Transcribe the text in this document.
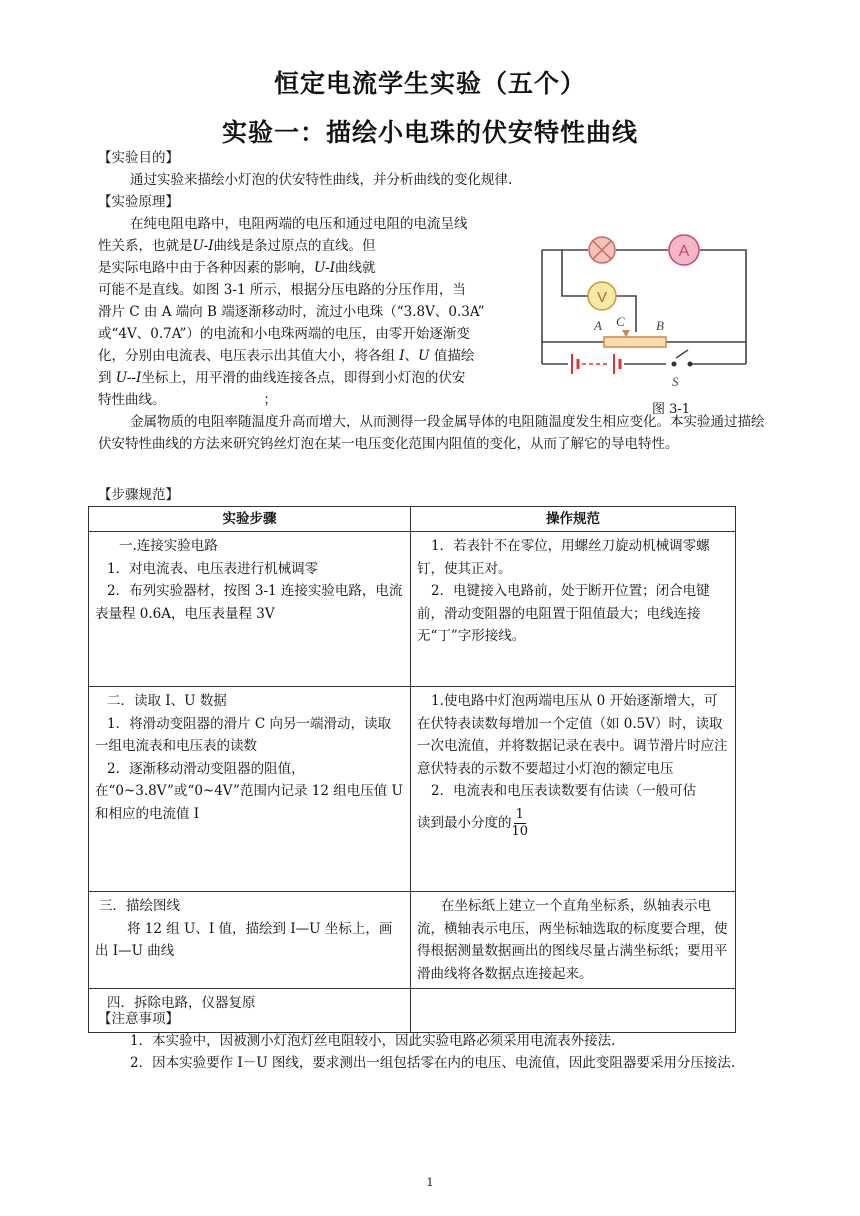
恒定电流学生实验（五个）
实验一：描绘小电珠的伏安特性曲线
【实验目的】
通过实验来描绘小灯泡的伏安特性曲线，并分析曲线的变化规律.
【实验原理】
在纯电阻电路中，电阻两端的电压和通过电阻的电流呈线
性关系，也就是U-I曲线是条过原点的直线。但
是实际电路中由于各种因素的影响，U-I曲线就
可能不是直线。如图 3-1 所示，根据分压电路的分压作用，当
滑片 C 由 A 端向 B 端逐渐移动时，流过小电珠（“3.8V、0.3A”
或“4V、0.7A”）的电流和小电珠两端的电压，由零开始逐渐变
化，分别由电流表、电压表示出其值大小，将各组 I、U 值描绘
到 U--I坐标上，用平滑的曲线连接各点，即得到小灯泡的伏安
特性曲线。	；
A
V
A C B
S
图 3-1
金属物质的电阻率随温度升高而增大，从而测得一段金属导体的电阻随温度发生相应变化。本实验通过描绘伏安特性曲线的方法来研究钨丝灯泡在某一电压变化范围内阻值的变化，从而了解它的导电特性。
【步骤规范】
实验步骤	操作规范

一.连接实验电路
1．对电流表、电压表进行机械调零
2．布列实验器材，按图 3-1 连接实验电路，电流表量程 0.6A，电压表量程 3V	1．若表针不在零位，用螺丝刀旋动机械调零螺钉，使其正对。
2．电键接入电路前，处于断开位置；闭合电键前，滑动变阻器的电阻置于阻值最大；电线连接无“丁”字形接线。

二．读取 I、U 数据
1．将滑动变阻器的滑片 C 向另一端滑动，读取一组电流表和电压表的读数
2．逐渐移动滑动变阻器的阻值，在“0~3.8V”或“0~4V”范围内记录 12 组电压值 U 和相应的电流值 I	1.使电路中灯泡两端电压从 0 开始逐渐增大，可在伏特表读数每增加一个定值（如 0.5V）时，读取一次电流值，并将数据记录在表中。调节滑片时应注意伏特表的示数不要超过小灯泡的额定电压
2．电流表和电压表读数要有估读（一般可估
读到最小分度的 $\frac{1}{10}$

三．描绘图线
将 12 组 U、I 值，描绘到 I—U 坐标上，画出 I—U 曲线	在坐标纸上建立一个直角坐标系，纵轴表示电流，横轴表示电压，两坐标轴选取的标度要合理，使得根据测量数据画出的图线尽量占满坐标纸；要用平滑曲线将各数据点连接起来。

四．拆除电路，仪器复原	

【注意事项】
1．本实验中，因被测小灯泡灯丝电阻较小，因此实验电路必须采用电流表外接法.
2．因本实验要作 I－U 图线，要求测出一组包括零在内的电压、电流值，因此变阻器要采用分压接法.
1
